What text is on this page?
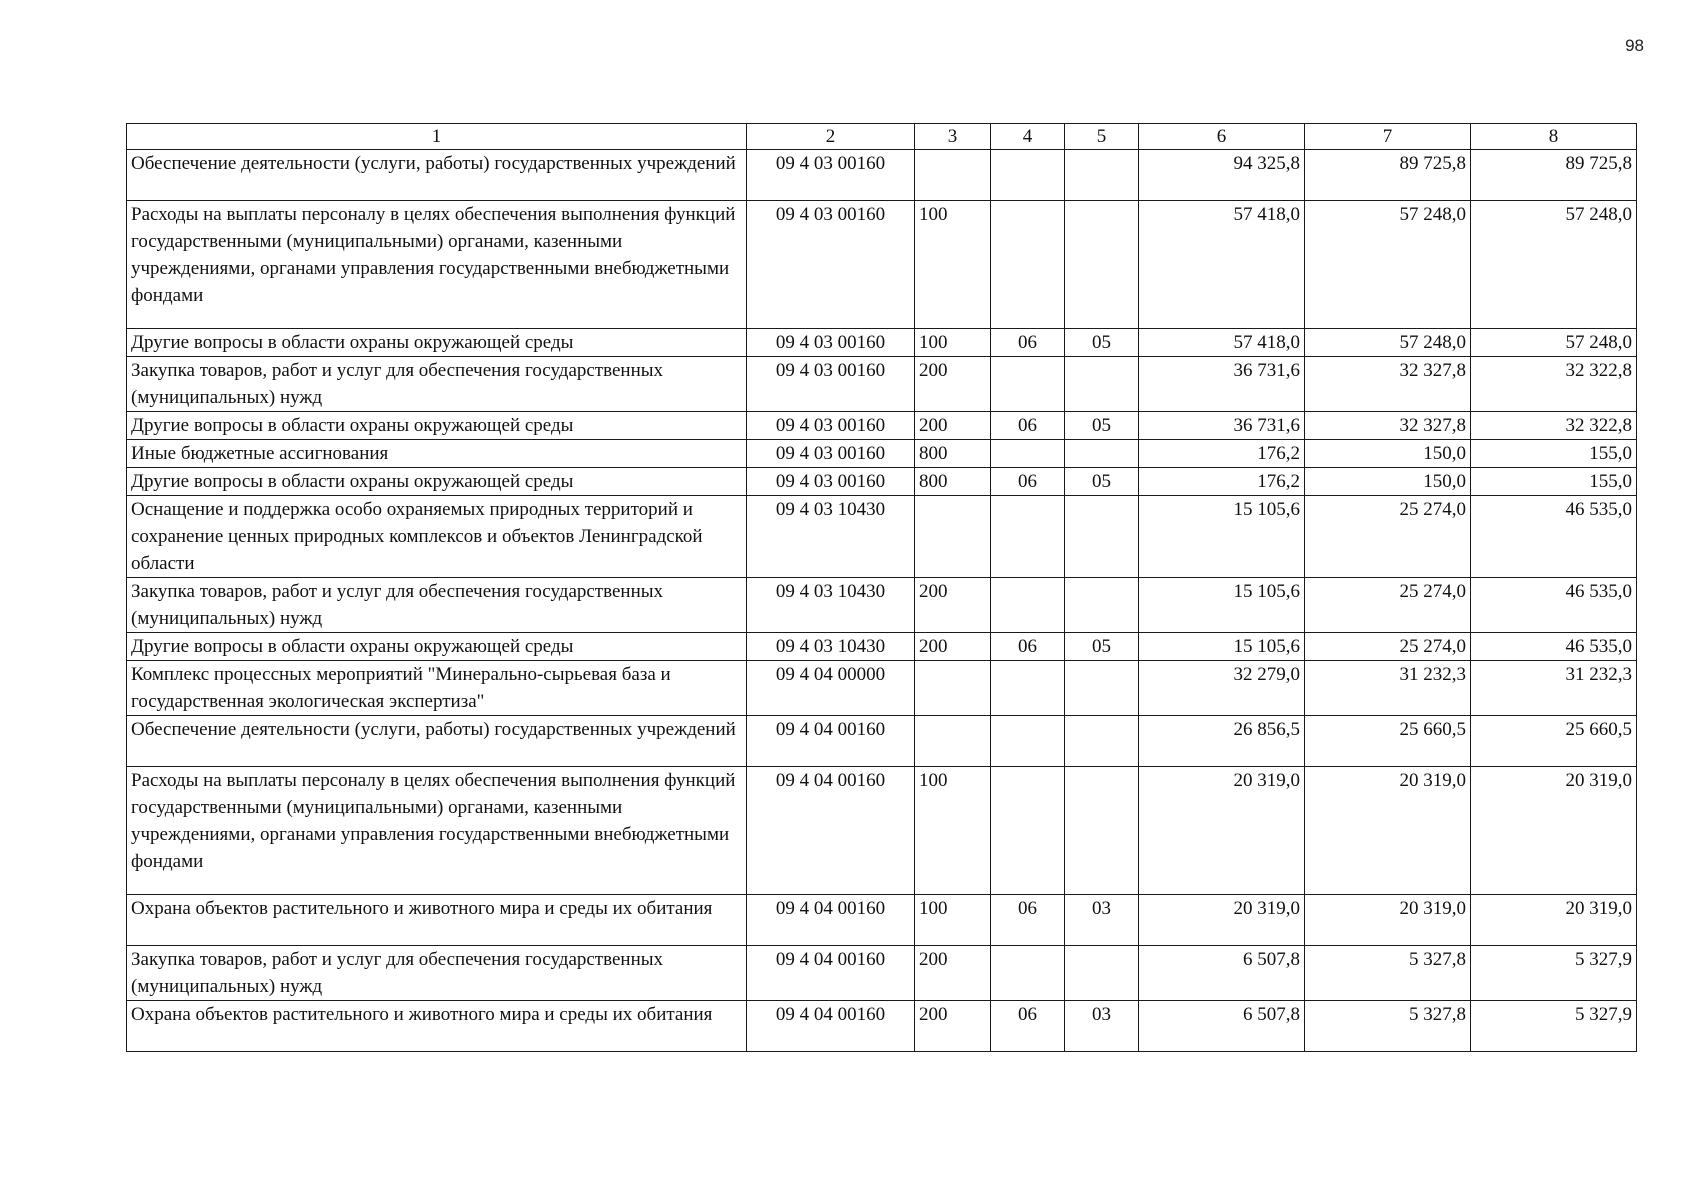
98
1	2	3	4	5	6	7	8
Обеспечение деятельности (услуги, работы) государственных учреждений	09 4 03 00160				94 325,8	89 725,8	89 725,8
Расходы на выплаты персоналу в целях обеспечения выполнения функций государственными (муниципальными) органами, казенными учреждениями, органами управления государственными внебюджетными фондами	09 4 03 00160	100			57 418,0	57 248,0	57 248,0
Другие вопросы в области охраны окружающей среды	09 4 03 00160	100	06	05	57 418,0	57 248,0	57 248,0
Закупка товаров, работ и услуг для обеспечения государственных (муниципальных) нужд	09 4 03 00160	200			36 731,6	32 327,8	32 322,8
Другие вопросы в области охраны окружающей среды	09 4 03 00160	200	06	05	36 731,6	32 327,8	32 322,8
Иные бюджетные ассигнования	09 4 03 00160	800			176,2	150,0	155,0
Другие вопросы в области охраны окружающей среды	09 4 03 00160	800	06	05	176,2	150,0	155,0
Оснащение и поддержка особо охраняемых природных территорий и сохранение ценных природных комплексов и объектов Ленинградской области	09 4 03 10430				15 105,6	25 274,0	46 535,0
Закупка товаров, работ и услуг для обеспечения государственных (муниципальных) нужд	09 4 03 10430	200			15 105,6	25 274,0	46 535,0
Другие вопросы в области охраны окружающей среды	09 4 03 10430	200	06	05	15 105,6	25 274,0	46 535,0
Комплекс процессных мероприятий "Минерально-сырьевая база и государственная экологическая экспертиза"	09 4 04 00000				32 279,0	31 232,3	31 232,3
Обеспечение деятельности (услуги, работы) государственных учреждений	09 4 04 00160				26 856,5	25 660,5	25 660,5
Расходы на выплаты персоналу в целях обеспечения выполнения функций государственными (муниципальными) органами, казенными учреждениями, органами управления государственными внебюджетными фондами	09 4 04 00160	100			20 319,0	20 319,0	20 319,0
Охрана объектов растительного и животного мира и среды их обитания	09 4 04 00160	100	06	03	20 319,0	20 319,0	20 319,0
Закупка товаров, работ и услуг для обеспечения государственных (муниципальных) нужд	09 4 04 00160	200			6 507,8	5 327,8	5 327,9
Охрана объектов растительного и животного мира и среды их обитания	09 4 04 00160	200	06	03	6 507,8	5 327,8	5 327,9
